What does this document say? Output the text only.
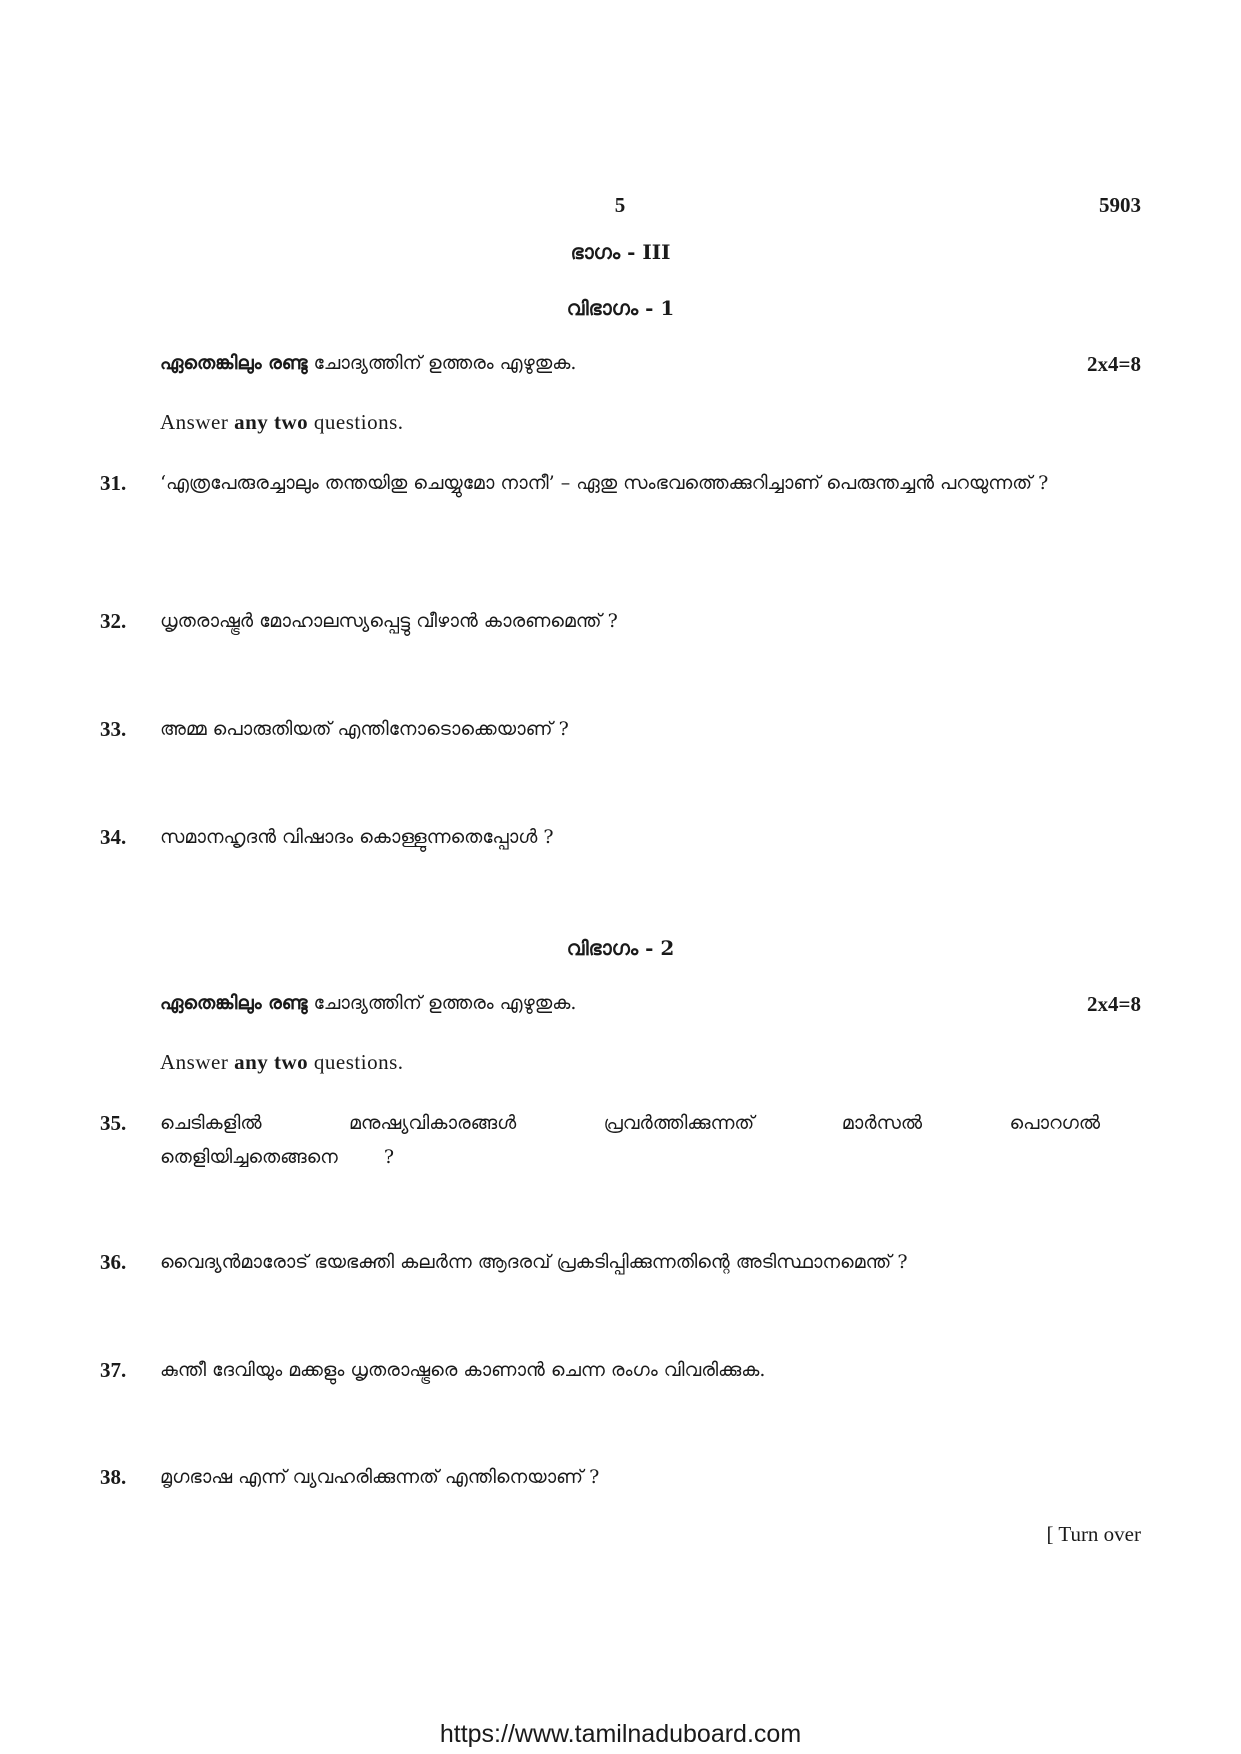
5	5903
ഭാഗം - III
വിഭാഗം - 1
ഏതെങ്കിലും രണ്ടു ചോദ്യത്തിന് ഉത്തരം എഴുതുക.	2x4=8
Answer any two questions.
31. ‘എത്രപേരുരച്ചാലും തന്തയിതു ചെയ്യുമോ നാനീ’ – ഏതു സംഭവത്തെക്കുറിച്ചാണ് പെരുന്തച്ചൻ പറയുന്നത് ?
32. ധൃതരാഷ്ട്രർ മോഹാലസ്യപ്പെട്ടു വീഴാൻ കാരണമെന്ത് ?
33. അമ്മ പൊരുതിയത് എന്തിനോടൊക്കെയാണ് ?
34. സമാനഹൃദൻ വിഷാദം കൊള്ളുന്നതെപ്പോൾ ?
വിഭാഗം - 2
ഏതെങ്കിലും രണ്ടു ചോദ്യത്തിന് ഉത്തരം എഴുതുക.	2x4=8
Answer any two questions.
35. ചെടികളിൽ മനുഷ്യവികാരങ്ങൾ പ്രവർത്തിക്കുന്നത് മാർസൽ പൊറഗൽ തെളിയിച്ചതെങ്ങനെ ?
36. വൈദ്യൻമാരോട് ഭയഭക്തി കലർന്ന ആദരവ് പ്രകടിപ്പിക്കുന്നതിന്റെ അടിസ്ഥാനമെന്ത് ?
37. കുന്തീ ദേവിയും മക്കളും ധൃതരാഷ്ട്രരെ കാണാൻ ചെന്ന രംഗം വിവരിക്കുക.
38. മൃഗഭാഷ എന്ന് വ്യവഹരിക്കുന്നത് എന്തിനെയാണ് ?
[ Turn over
https://www.tamilnaduboard.com
